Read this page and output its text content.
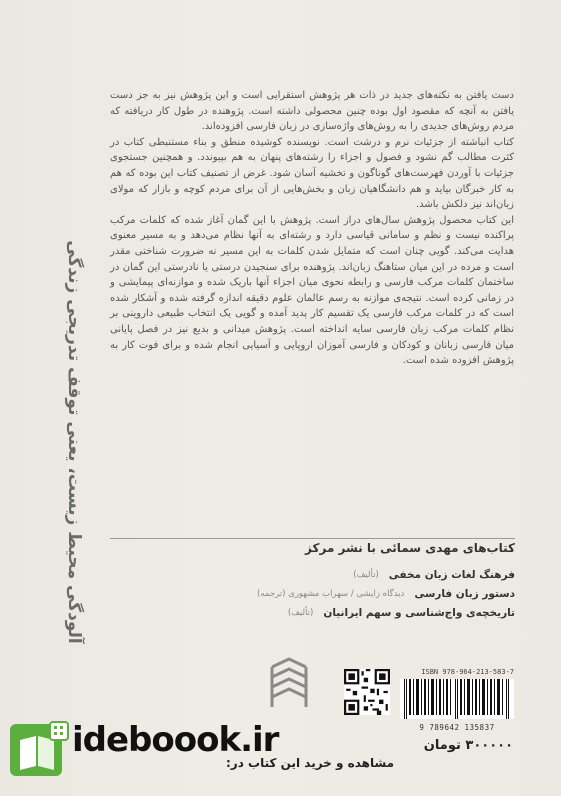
آلودگی محیط زیست، یعنی توقف تدریجی زندگی

دست یافتن به نکته‌های جدید در ذات هر پژوهش استقرایی است و این پژوهش نیز به جز دست یافتن به آنچه که مقصود اول بوده چنین محصولی داشته است. پژوهنده در طول کار دریافته که مردم روش‌های جدیدی را به روش‌های واژه‌سازی در زبان فارسی افزوده‌اند.

کتاب انباشته از جزئیات نرم و درشت است. نویسنده کوشیده منطق و بناء مستنبطی کتاب در کثرت مطالب گم نشود و فصول و اجزاء را رشته‌های پنهان به هم بپیوندد. و همچنین جستجوی جزئیات با آوردن فهرست‌های گوناگون و تخشیه آسان شود. غرض از تصنیف کتاب این بوده که هم به کار خبرگان بیاید و هم دانشگاهیان زبان و بخش‌هایی از آن برای مردم کوچه و بازار که مولای زبان‌اند نیز دلکش باشد.

این کتاب محصول پژوهش سال‌های دراز است. پژوهش با این گمان آغاز شده که کلمات مرکب پراکنده نیست و نظم و سامانی قیاسی دارد و رشته‌ای به آنها نظام می‌دهد و به مسیر معنوی هدایت می‌کند. گویی چنان است که متمایل شدن کلمات به این مسیر نه ضرورت شناختی مقدر است و مرده در این میان ستاهنگ زبان‌اند. پژوهنده برای سنجیدن درستی یا نادرستی این گمان در ساختمان کلمات مرکب فارسی و رابطه نحوی میان اجزاء آنها باریک شده و موازنه‌ای پیمایشی و در زمانی کرده است. نتیجه‌ی موازنه به رسم عالمان علوم دقیقه اندازه گرفته شده و آشکار شده است که در کلمات مرکب فارسی یک تقسیم کار پدید آمده و گویی یک انتخاب طبیعی داروینی بر نظام کلمات مرکب زبان فارسی سایه انداخته است. پژوهش میدانی و بدیع نیز در فصل پایانی میان فارسی زبانان و کودکان و فارسی آموزان اروپایی و آسیایی انجام شده و برای فوت کار به پژوهش افزوده شده است.

کتاب‌های مهدی سمائی با نشر مرکز
فرهنگ لغات زبان مخفی
(تألیف)
دستور زبان فارسی
دیدگاه زایشی / سهراب مشهوری (ترجمه)
تاریخچه‌ی واج‌شناسی و سهم ایرانیان
(تألیف)
ISBN 978-964-213-583-7
9 789642 135837
۳۰۰۰۰۰ تومان
ideboook.ir
مشاهده و خرید این کتاب در:
